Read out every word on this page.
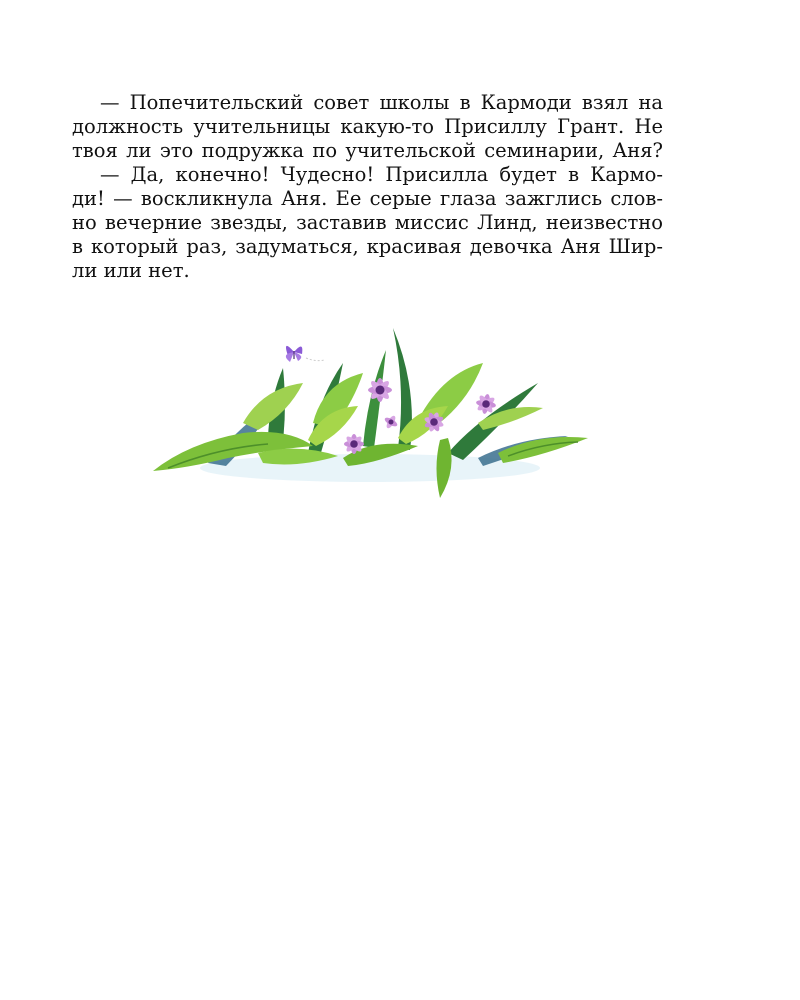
— Попечительский совет школы в Кармоди взял на
должность учительницы какую-то Присиллу Грант. Не
твоя ли это подружка по учительской семинарии, Аня?
— Да, конечно! Чудесно! Присилла будет в Кармо-
ди! — воскликнула Аня. Ее серые глаза зажглись слов-
но вечерние звезды, заставив миссис Линд, неизвестно
в который раз, задуматься, красивая девочка Аня Шир-
ли или нет.
